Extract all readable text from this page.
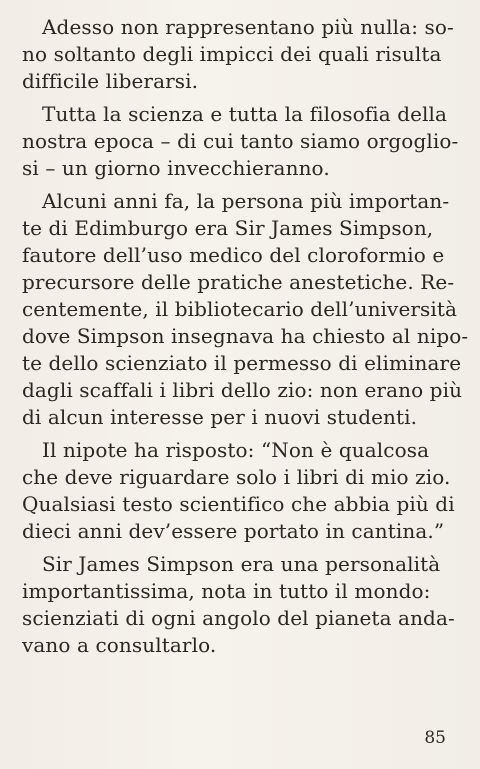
Adesso non rappresentano più nulla: so-
no soltanto degli impicci dei quali risulta
difficile liberarsi.

Tutta la scienza e tutta la filosofia della
nostra epoca – di cui tanto siamo orgoglio-
si – un giorno invecchieranno.

Alcuni anni fa, la persona più importan-
te di Edimburgo era Sir James Simpson,
fautore dell’uso medico del cloroformio e
precursore delle pratiche anestetiche. Re-
centemente, il bibliotecario dell’università
dove Simpson insegnava ha chiesto al nipo-
te dello scienziato il permesso di eliminare
dagli scaffali i libri dello zio: non erano più
di alcun interesse per i nuovi studenti.

Il nipote ha risposto: “Non è qualcosa
che deve riguardare solo i libri di mio zio.
Qualsiasi testo scientifico che abbia più di
dieci anni dev’essere portato in cantina.”

Sir James Simpson era una personalità
importantissima, nota in tutto il mondo:
scienziati di ogni angolo del pianeta anda-
vano a consultarlo.

85
